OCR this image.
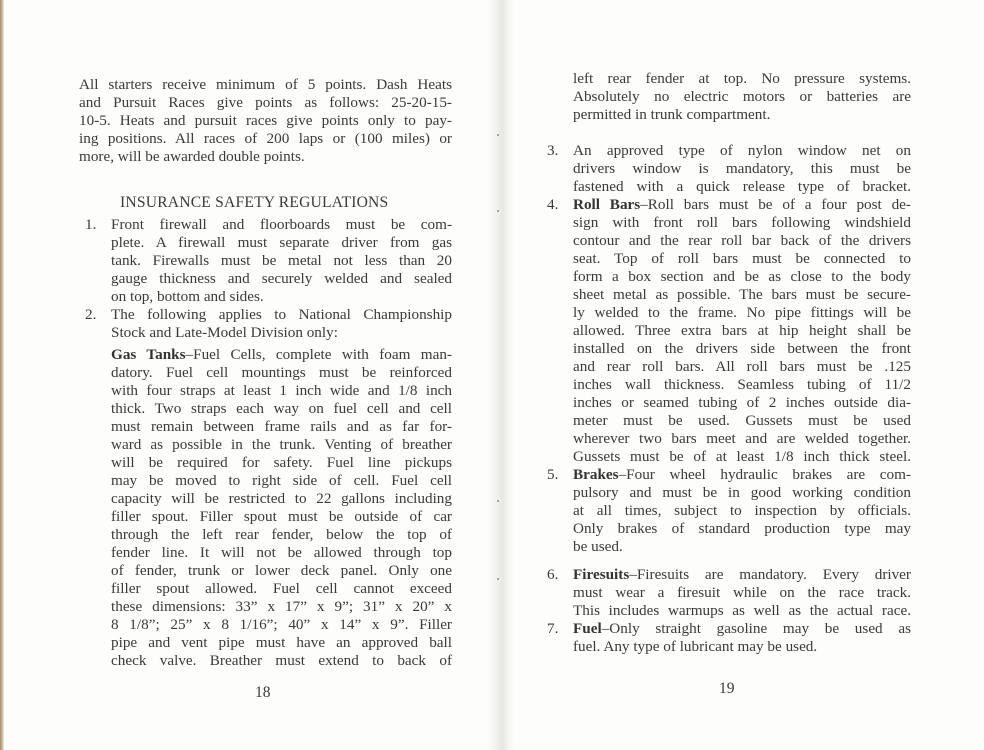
All starters receive minimum of 5 points. Dash Heats
and Pursuit Races give points as follows: 25-20-15-
10-5. Heats and pursuit races give points only to pay-
ing positions. All races of 200 laps or (100 miles) or
more, will be awarded double points.
INSURANCE SAFETY REGULATIONS
1. Front firewall and floorboards must be com-
plete. A firewall must separate driver from gas
tank. Firewalls must be metal not less than 20
gauge thickness and securely welded and sealed
on top, bottom and sides.
2. The following applies to National Championship
Stock and Late-Model Division only:
Gas Tanks–Fuel Cells, complete with foam man-
datory. Fuel cell mountings must be reinforced
with four straps at least 1 inch wide and 1/8 inch
thick. Two straps each way on fuel cell and cell
must remain between frame rails and as far for-
ward as possible in the trunk. Venting of breather
will be required for safety. Fuel line pickups
may be moved to right side of cell. Fuel cell
capacity will be restricted to 22 gallons including
filler spout. Filler spout must be outside of car
through the left rear fender, below the top of
fender line. It will not be allowed through top
of fender, trunk or lower deck panel. Only one
filler spout allowed. Fuel cell cannot exceed
these dimensions: 33” x 17” x 9”; 31” x 20” x
8 1/8”; 25” x 8 1/16”; 40” x 14” x 9”. Filler
pipe and vent pipe must have an approved ball
check valve. Breather must extend to back of
18
left rear fender at top. No pressure systems.
Absolutely no electric motors or batteries are
permitted in trunk compartment.
3. An approved type of nylon window net on
drivers window is mandatory, this must be
fastened with a quick release type of bracket.
4. Roll Bars–Roll bars must be of a four post de-
sign with front roll bars following windshield
contour and the rear roll bar back of the drivers
seat. Top of roll bars must be connected to
form a box section and be as close to the body
sheet metal as possible. The bars must be secure-
ly welded to the frame. No pipe fittings will be
allowed. Three extra bars at hip height shall be
installed on the drivers side between the front
and rear roll bars. All roll bars must be .125
inches wall thickness. Seamless tubing of 11/2
inches or seamed tubing of 2 inches outside dia-
meter must be used. Gussets must be used
wherever two bars meet and are welded together.
Gussets must be of at least 1/8 inch thick steel.
5. Brakes–Four wheel hydraulic brakes are com-
pulsory and must be in good working condition
at all times, subject to inspection by officials.
Only brakes of standard production type may
be used.
6. Firesuits–Firesuits are mandatory. Every driver
must wear a firesuit while on the race track.
This includes warmups as well as the actual race.
7. Fuel–Only straight gasoline may be used as
fuel. Any type of lubricant may be used.
19
